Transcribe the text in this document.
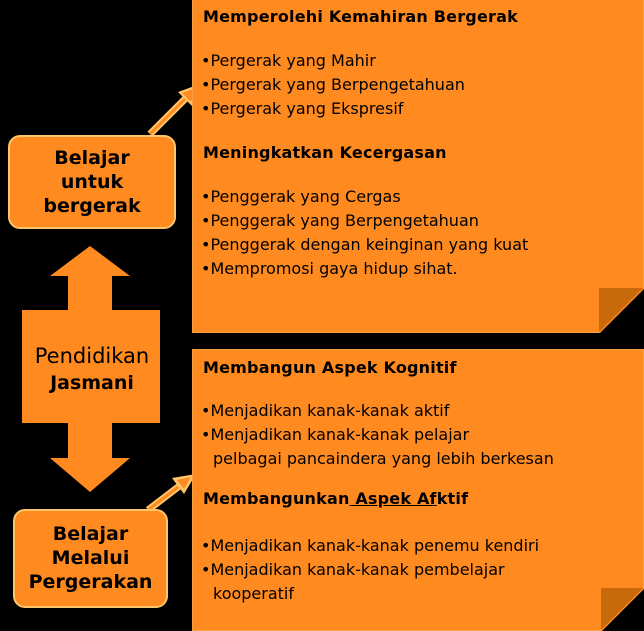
Memperolehi Kemahiran Bergerak
•Pergerak yang Mahir
•Pergerak yang Berpengetahuan
•Pergerak yang Ekspresif
Meningkatkan Kecergasan
•Penggerak yang Cergas
•Penggerak yang Berpengetahuan
•Penggerak dengan keinginan yang kuat
•Mempromosi gaya hidup sihat.
Membangun Aspek Kognitif
•Menjadikan kanak-kanak aktif
•Menjadikan kanak-kanak pelajar
pelbagai pancaindera yang lebih berkesan
Membangunkan Aspek Afktif
•Menjadikan kanak-kanak penemu kendiri
•Menjadikan kanak-kanak pembelajar
kooperatif
Belajar
untuk
bergerak
Pendidikan
Jasmani
Belajar
Melalui
Pergerakan
